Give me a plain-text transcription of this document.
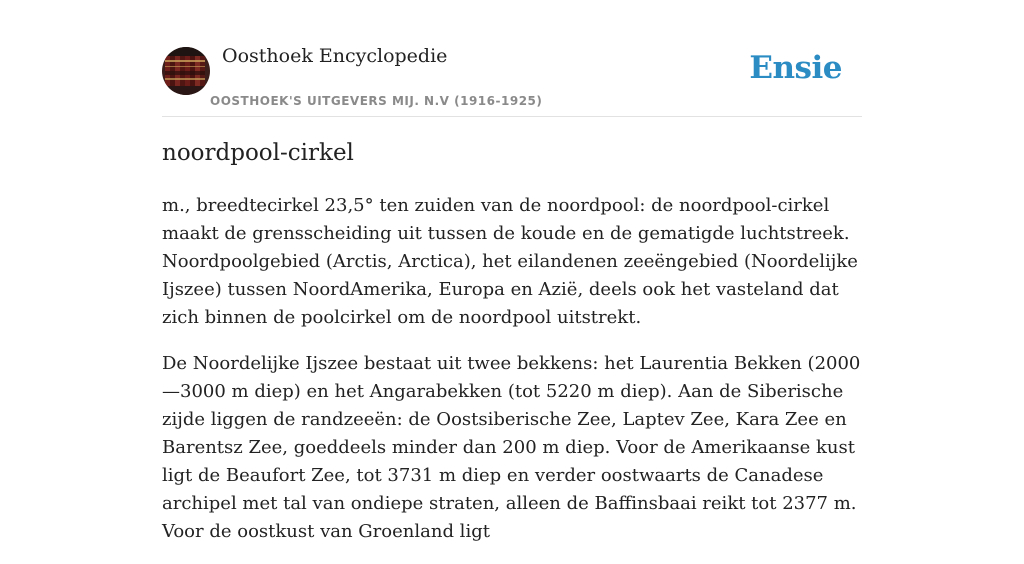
Oosthoek Encyclopedie
OOSTHOEK'S UITGEVERS MIJ. N.V (1916-1925)
Ensie
noordpool-cirkel

m., breedtecirkel 23,5° ten zuiden van de noordpool: de noordpool-cirkel maakt de grensscheiding uit tussen de koude en de gematigde luchtstreek. Noordpoolgebied (Arctis, Arctica), het eilandenen zeeëngebied (Noordelijke Ijszee) tussen NoordAmerika, Europa en Azië, deels ook het vasteland dat zich binnen de poolcirkel om de noordpool uitstrekt.

De Noordelijke Ijszee bestaat uit twee bekkens: het Laurentia Bekken (2000—3000 m diep) en het Angarabekken (tot 5220 m diep). Aan de Siberische zijde liggen de randzeeën: de Oostsiberische Zee, Laptev Zee, Kara Zee en Barentsz Zee, goeddeels minder dan 200 m diep. Voor de Amerikaanse kust ligt de Beaufort Zee, tot 3731 m diep en verder oostwaarts de Canadese archipel met tal van ondiepe straten, alleen de Baffinsbaai reikt tot 2377 m. Voor de oostkust van Groenland ligt
